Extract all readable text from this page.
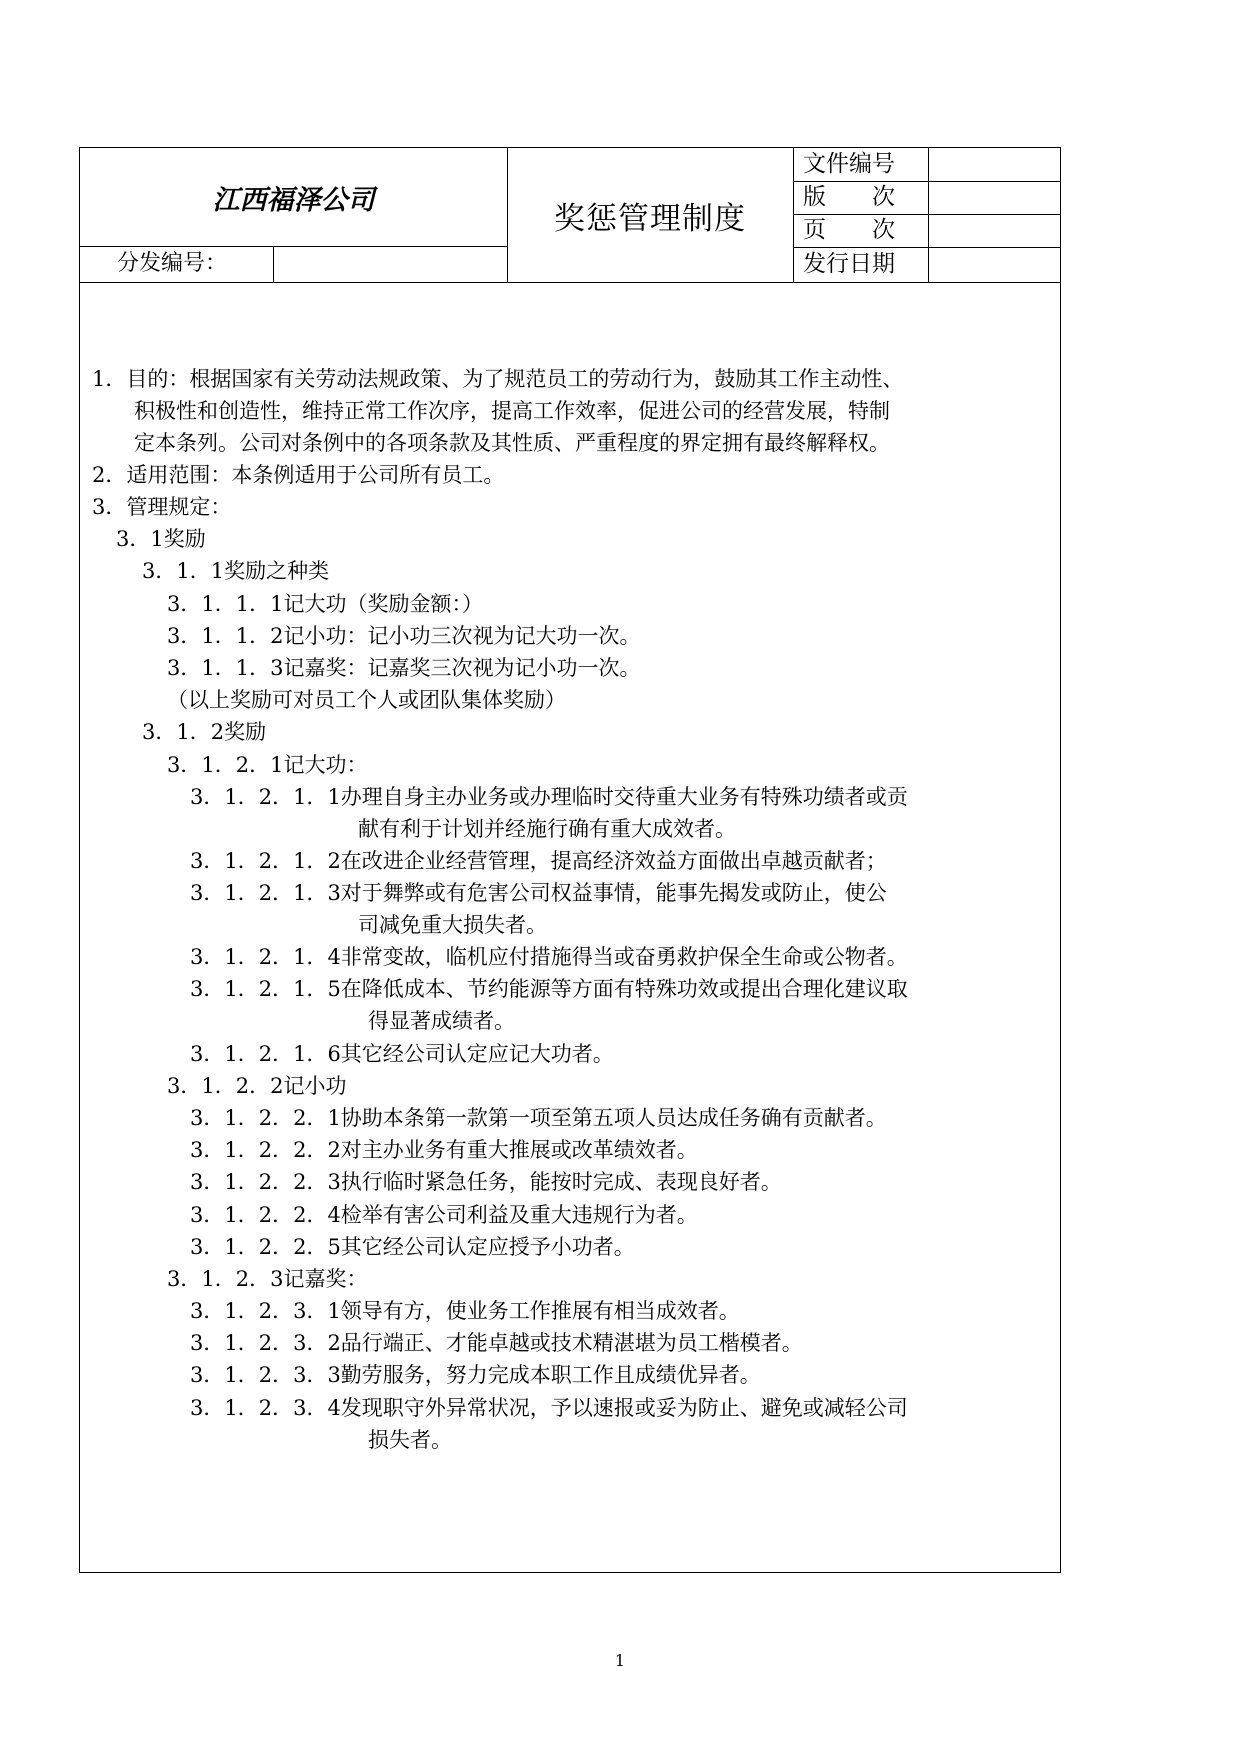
江西福泽公司
奖惩管理制度
文件编号
版　　次
页　　次
发行日期
分发编号：
1．目的：根据国家有关劳动法规政策、为了规范员工的劳动行为，鼓励其工作主动性、
积极性和创造性，维持正常工作次序，提高工作效率，促进公司的经营发展，特制
定本条列。公司对条例中的各项条款及其性质、严重程度的界定拥有最终解释权。
2．适用范围：本条例适用于公司所有员工。
3．管理规定：
3．1奖励
3．1．1奖励之种类
3．1．1．1记大功（奖励金额：）
3．1．1．2记小功：记小功三次视为记大功一次。
3．1．1．3记嘉奖：记嘉奖三次视为记小功一次。
（以上奖励可对员工个人或团队集体奖励）
3．1．2奖励
3．1．2．1记大功：
3．1．2．1．1办理自身主办业务或办理临时交待重大业务有特殊功绩者或贡
献有利于计划并经施行确有重大成效者。
3．1．2．1．2在改进企业经营管理，提高经济效益方面做出卓越贡献者；
3．1．2．1．3对于舞弊或有危害公司权益事情，能事先揭发或防止，使公
司减免重大损失者。
3．1．2．1．4非常变故，临机应付措施得当或奋勇救护保全生命或公物者。
3．1．2．1．5在降低成本、节约能源等方面有特殊功效或提出合理化建议取
得显著成绩者。
3．1．2．1．6其它经公司认定应记大功者。
3．1．2．2记小功
3．1．2．2．1协助本条第一款第一项至第五项人员达成任务确有贡献者。
3．1．2．2．2对主办业务有重大推展或改革绩效者。
3．1．2．2．3执行临时紧急任务，能按时完成、表现良好者。
3．1．2．2．4检举有害公司利益及重大违规行为者。
3．1．2．2．5其它经公司认定应授予小功者。
3．1．2．3记嘉奖：
3．1．2．3．1领导有方，使业务工作推展有相当成效者。
3．1．2．3．2品行端正、才能卓越或技术精湛堪为员工楷模者。
3．1．2．3．3勤劳服务，努力完成本职工作且成绩优异者。
3．1．2．3．4发现职守外异常状况，予以速报或妥为防止、避免或减轻公司
损失者。
1
